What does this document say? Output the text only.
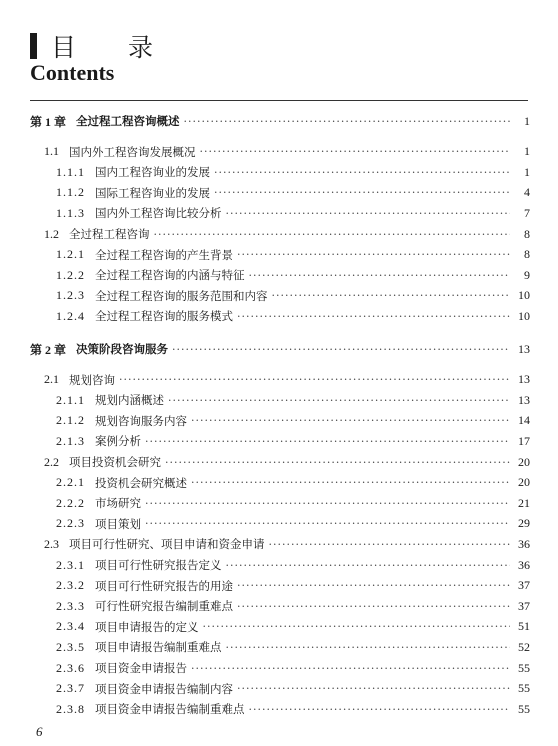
目 录
Contents
第 1 章 全过程工程咨询概述 ·····	1
1.1 国内外工程咨询发展概况 ·····	1
1.1.1 国内工程咨询业的发展 ·····	1
1.1.2 国际工程咨询业的发展 ·····	4
1.1.3 国内外工程咨询比较分析 ·····	7
1.2 全过程工程咨询 ·····	8
1.2.1 全过程工程咨询的产生背景 ·····	8
1.2.2 全过程工程咨询的内涵与特征 ·····	9
1.2.3 全过程工程咨询的服务范围和内容 ·····	10
1.2.4 全过程工程咨询的服务模式 ·····	10
第 2 章 决策阶段咨询服务 ·····	13
2.1 规划咨询 ·····	13
2.1.1 规划内涵概述 ·····	13
2.1.2 规划咨询服务内容 ·····	14
2.1.3 案例分析 ·····	17
2.2 项目投资机会研究 ·····	20
2.2.1 投资机会研究概述 ·····	20
2.2.2 市场研究 ·····	21
2.2.3 项目策划 ·····	29
2.3 项目可行性研究、项目申请和资金申请 ·····	36
2.3.1 项目可行性研究报告定义 ·····	36
2.3.2 项目可行性研究报告的用途 ·····	37
2.3.3 可行性研究报告编制重难点 ·····	37
2.3.4 项目申请报告的定义 ·····	51
2.3.5 项目申请报告编制重难点 ·····	52
2.3.6 项目资金申请报告 ·····	55
2.3.7 项目资金申请报告编制内容 ·····	55
2.3.8 项目资金申请报告编制重难点 ·····	55
6
